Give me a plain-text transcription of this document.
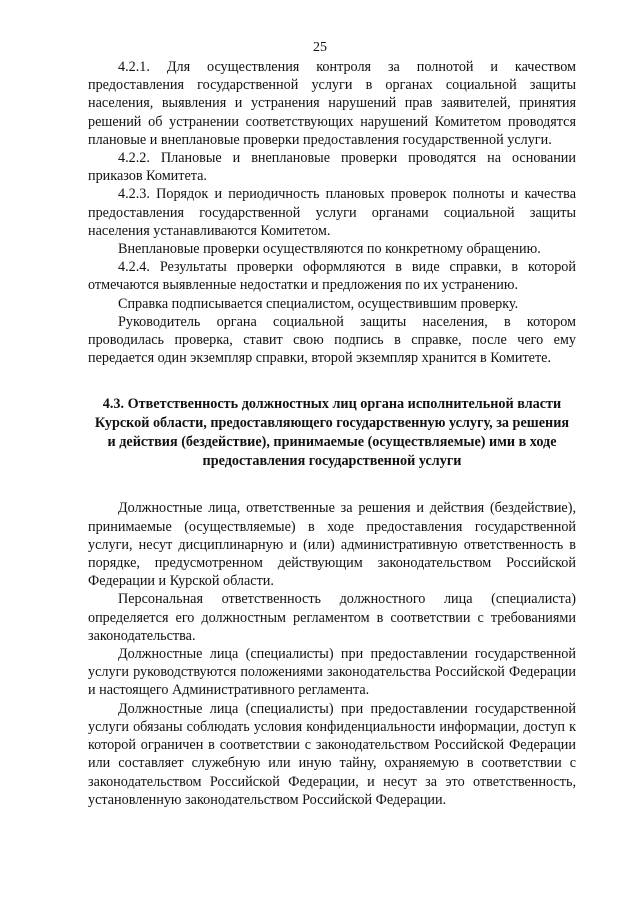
25

4.2.1. Для осуществления контроля за полнотой и качеством предоставления государственной услуги в органах социальной защиты населения, выявления и устранения нарушений прав заявителей, принятия решений об устранении соответствующих нарушений Комитетом проводятся плановые и внеплановые проверки предоставления государственной услуги.

4.2.2. Плановые и внеплановые проверки проводятся на основании приказов Комитета.

4.2.3. Порядок и периодичность плановых проверок полноты и качества предоставления государственной услуги органами социальной защиты населения устанавливаются Комитетом.

Внеплановые проверки осуществляются по конкретному обращению.

4.2.4. Результаты проверки оформляются в виде справки, в которой отмечаются выявленные недостатки и предложения по их устранению.

Справка подписывается специалистом, осуществившим проверку.

Руководитель органа социальной защиты населения, в котором проводилась проверка, ставит свою подпись в справке, после чего ему передается один экземпляр справки, второй экземпляр хранится в Комитете.

4.3. Ответственность должностных лиц органа исполнительной власти Курской области, предоставляющего государственную услугу, за решения и действия (бездействие), принимаемые (осуществляемые) ими в ходе предоставления государственной услуги

Должностные лица, ответственные за решения и действия (бездействие), принимаемые (осуществляемые) в ходе предоставления государственной услуги, несут дисциплинарную и (или) административную ответственность в порядке, предусмотренном действующим законодательством Российской Федерации и Курской области.

Персональная ответственность должностного лица (специалиста) определяется его должностным регламентом в соответствии с требованиями законодательства.

Должностные лица (специалисты) при предоставлении государственной услуги руководствуются положениями законодательства Российской Федерации и настоящего Административного регламента.

Должностные лица (специалисты) при предоставлении государственной услуги обязаны соблюдать условия конфиденциальности информации, доступ к которой ограничен в соответствии с законодательством Российской Федерации или составляет служебную или иную тайну, охраняемую в соответствии с законодательством Российской Федерации, и несут за это ответственность, установленную законодательством Российской Федерации.
